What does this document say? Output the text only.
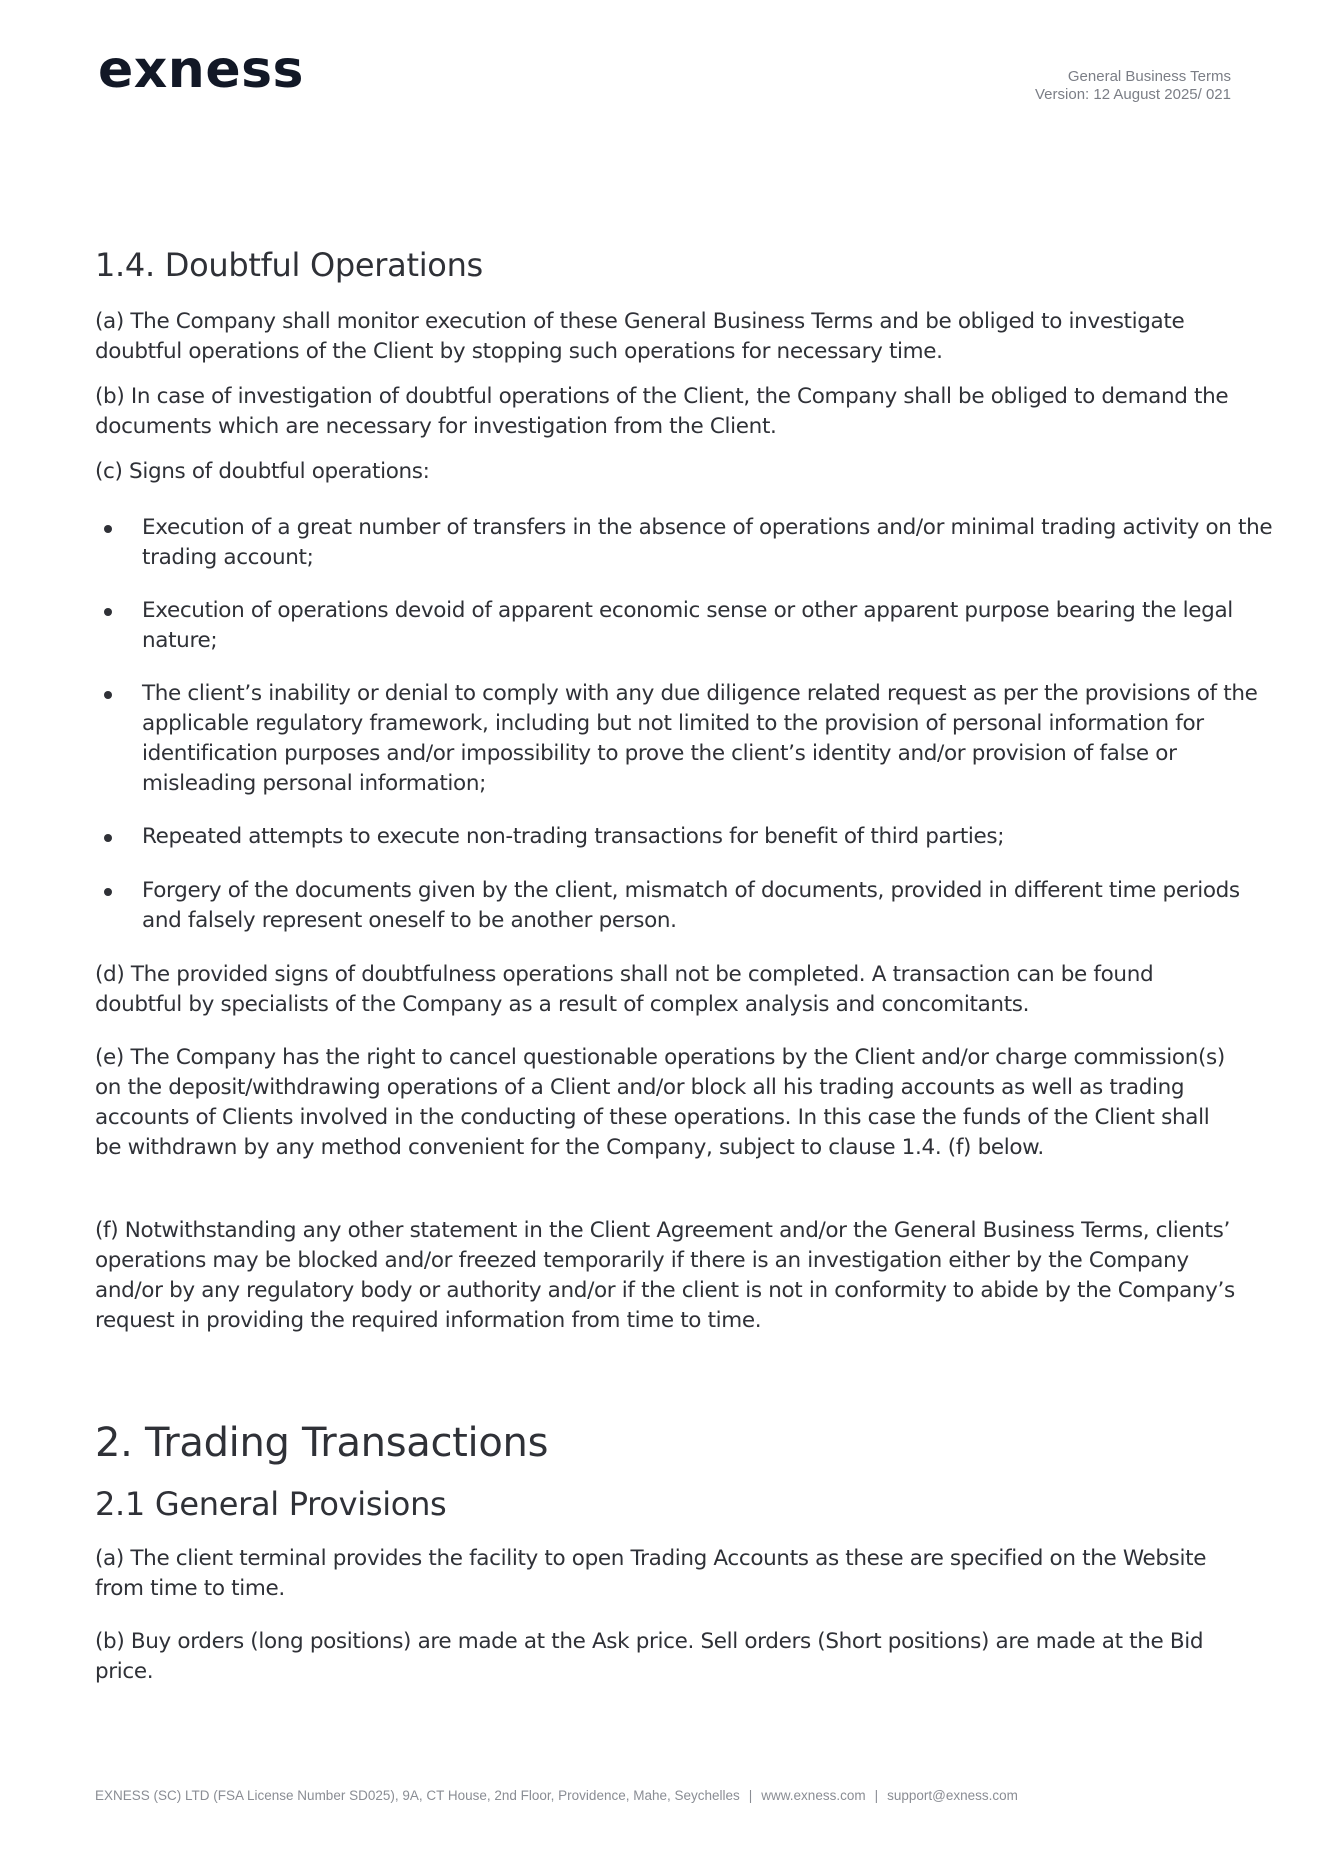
exness	General Business Terms
Version: 12 August 2025/ 021
1.4. Doubtful Operations
(a) The Company shall monitor execution of these General Business Terms and be obliged to investigate doubtful operations of the Client by stopping such operations for necessary time.
(b) In case of investigation of doubtful operations of the Client, the Company shall be obliged to demand the documents which are necessary for investigation from the Client.
(c) Signs of doubtful operations:
Execution of a great number of transfers in the absence of operations and/or minimal trading activity on the trading account;
Execution of operations devoid of apparent economic sense or other apparent purpose bearing the legal nature;
The client’s inability or denial to comply with any due diligence related request as per the provisions of the applicable regulatory framework, including but not limited to the provision of personal information for identification purposes and/or impossibility to prove the client’s identity and/or provision of false or misleading personal information;
Repeated attempts to execute non-trading transactions for benefit of third parties;
Forgery of the documents given by the client, mismatch of documents, provided in different time periods and falsely represent oneself to be another person.
(d) The provided signs of doubtfulness operations shall not be completed. A transaction can be found doubtful by specialists of the Company as a result of complex analysis and concomitants.
(e) The Company has the right to cancel questionable operations by the Client and/or charge commission(s) on the deposit/withdrawing operations of a Client and/or block all his trading accounts as well as trading accounts of Clients involved in the conducting of these operations. In this case the funds of the Client shall be withdrawn by any method convenient for the Company, subject to clause 1.4. (f) below.
(f) Notwithstanding any other statement in the Client Agreement and/or the General Business Terms, clients’ operations may be blocked and/or freezed temporarily if there is an investigation either by the Company and/or by any regulatory body or authority and/or if the client is not in conformity to abide by the Company’s request in providing the required information from time to time.
2. Trading Transactions
2.1 General Provisions
(a) The client terminal provides the facility to open Trading Accounts as these are specified on the Website from time to time.
(b) Buy orders (long positions) are made at the Ask price. Sell orders (Short positions) are made at the Bid price.
EXNESS (SC) LTD (FSA License Number SD025), 9A, CT House, 2nd Floor, Providence, Mahe, Seychelles | www.exness.com | support@exness.com
